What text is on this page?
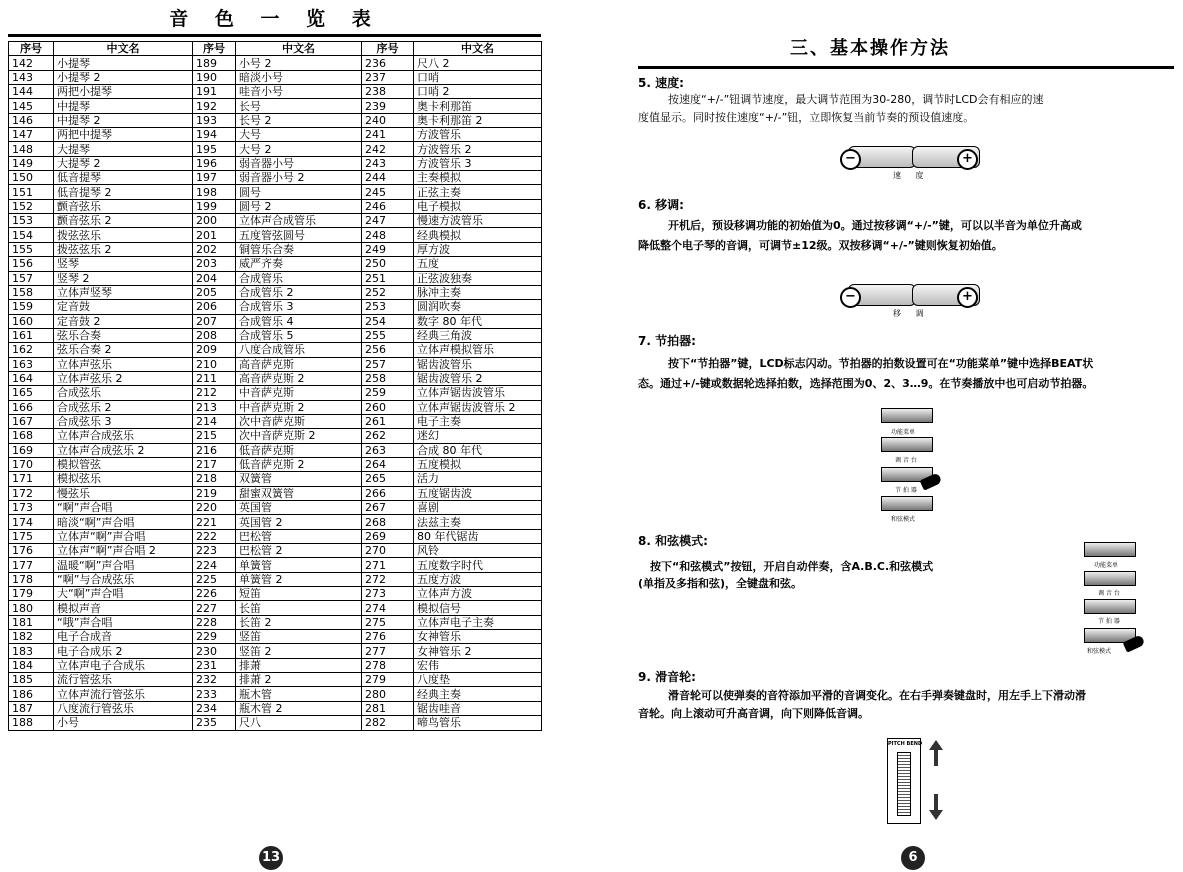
音 色 一 览 表
序号	中文名	序号	中文名	序号	中文名
142	小提琴	189	小号 2	236	尺八 2
143	小提琴 2	190	暗淡小号	237	口哨
144	两把小提琴	191	哇音小号	238	口哨 2
145	中提琴	192	长号	239	奥卡利那笛
146	中提琴 2	193	长号 2	240	奥卡利那笛 2
147	两把中提琴	194	大号	241	方波管乐
148	大提琴	195	大号 2	242	方波管乐 2
149	大提琴 2	196	弱音器小号	243	方波管乐 3
150	低音提琴	197	弱音器小号 2	244	主奏模拟
151	低音提琴 2	198	圆号	245	正弦主奏
152	颤音弦乐	199	圆号 2	246	电子模拟
153	颤音弦乐 2	200	立体声合成管乐	247	慢速方波管乐
154	拨弦弦乐	201	五度管弦圆号	248	经典模拟
155	拨弦弦乐 2	202	铜管乐合奏	249	厚方波
156	竖琴	203	威严齐奏	250	五度
157	竖琴 2	204	合成管乐	251	正弦波独奏
158	立体声竖琴	205	合成管乐 2	252	脉冲主奏
159	定音鼓	206	合成管乐 3	253	圆润吹奏
160	定音鼓 2	207	合成管乐 4	254	数字 80 年代
161	弦乐合奏	208	合成管乐 5	255	经典三角波
162	弦乐合奏 2	209	八度合成管乐	256	立体声模拟管乐
163	立体声弦乐	210	高音萨克斯	257	锯齿波管乐
164	立体声弦乐 2	211	高音萨克斯 2	258	锯齿波管乐 2
165	合成弦乐	212	中音萨克斯	259	立体声锯齿波管乐
166	合成弦乐 2	213	中音萨克斯 2	260	立体声锯齿波管乐 2
167	合成弦乐 3	214	次中音萨克斯	261	电子主奏
168	立体声合成弦乐	215	次中音萨克斯 2	262	迷幻
169	立体声合成弦乐 2	216	低音萨克斯	263	合成 80 年代
170	模拟管弦	217	低音萨克斯 2	264	五度模拟
171	模拟弦乐	218	双簧管	265	活力
172	慢弦乐	219	甜蜜双簧管	266	五度锯齿波
173	“啊”声合唱	220	英国管	267	喜剧
174	暗淡“啊”声合唱	221	英国管 2	268	法兹主奏
175	立体声“啊”声合唱	222	巴松管	269	80 年代锯齿
176	立体声“啊”声合唱 2	223	巴松管 2	270	风铃
177	温暖“啊”声合唱	224	单簧管	271	五度数字时代
178	“啊”与合成弦乐	225	单簧管 2	272	五度方波
179	大“啊”声合唱	226	短笛	273	立体声方波
180	模拟声音	227	长笛	274	模拟信号
181	“哦”声合唱	228	长笛 2	275	立体声电子主奏
182	电子合成音	229	竖笛	276	女神管乐
183	电子合成乐 2	230	竖笛 2	277	女神管乐 2
184	立体声电子合成乐	231	排萧	278	宏伟
185	流行管弦乐	232	排萧 2	279	八度垫
186	立体声流行管弦乐	233	瓶木管	280	经典主奏
187	八度流行管弦乐	234	瓶木管 2	281	锯齿哇音
188	小号	235	尺八	282	啼鸟管乐
13
三、基本操作方法
5. 速度:
按速度“+/-”钮调节速度，最大调节范围为30-280，调节时LCD会有相应的速
度值显示。同时按住速度“+/-”钮，立即恢复当前节奏的预设值速度。
−	+
速 度
6. 移调:
开机后，预设移调功能的初始值为0。通过按移调“+/-”键，可以以半音为单位升高或
降低整个电子琴的音调，可调节±12级。双按移调“+/-”键则恢复初始值。
−	+
移 调
7. 节拍器:
按下“节拍器”键，LCD标志闪动。节拍器的拍数设置可在“功能菜单”键中选择BEAT状
态。通过+/-键或数据轮选择拍数，选择范围为0、2、3…9。在节奏播放中也可启动节拍器。
功能菜单
调 音 台
节 拍 器
和弦模式
8. 和弦模式:
按下“和弦模式”按钮，开启自动伴奏，含A.B.C.和弦模式
(单指及多指和弦)，全键盘和弦。
功能菜单
调 音 台
节 拍 器
和弦模式
9. 滑音轮:
滑音轮可以使弹奏的音符添加平滑的音调变化。在右手弹奏键盘时，用左手上下滑动滑
音轮。向上滚动可升高音调，向下则降低音调。
PITCH BEND
6
